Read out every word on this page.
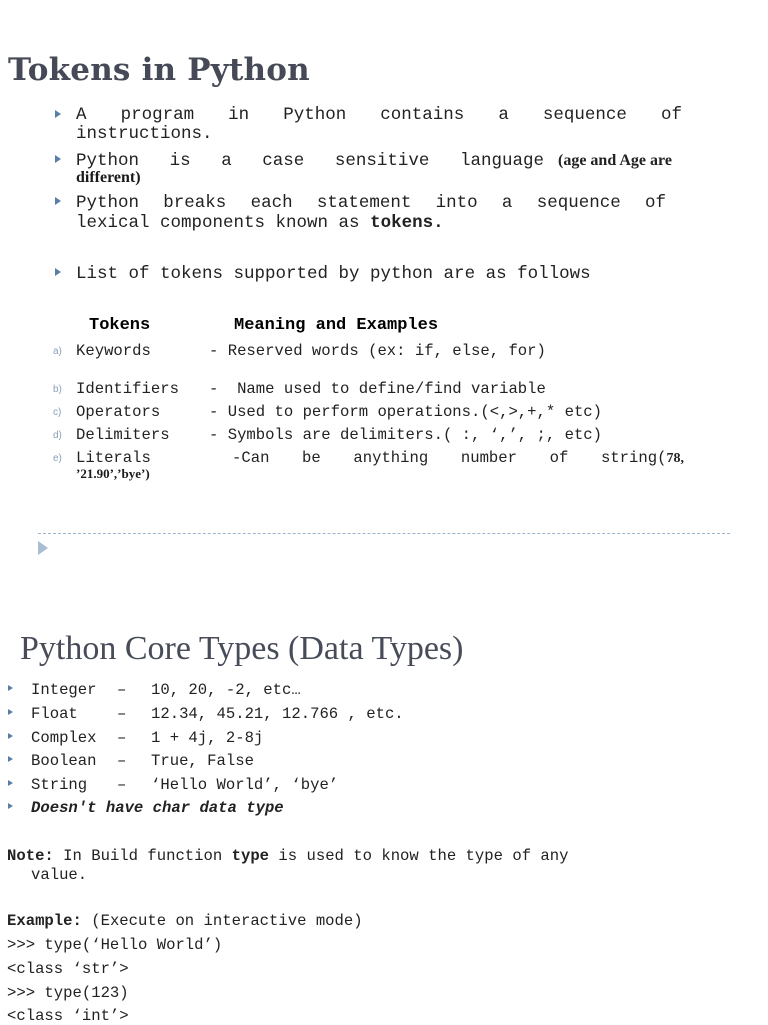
Tokens in Python
A program in Python contains a sequence of
instructions.
Python is a case sensitive language (age and Age are
different)
Python breaks each statement into a sequence of
lexical components known as tokens.
List of tokens supported by python are as follows
Tokens	Meaning and Examples
a) Keywords	- Reserved words (ex: if, else, for)
b) Identifiers -  Name used to define/find variable
c) Operators	- Used to perform operations.(<,>,+,* etc)
d) Delimiters	- Symbols are delimiters.( :, ‘,’, ;, etc)
e) Literals	-Can be anything number of string(78,
’21.90’,’bye’)
Python Core Types (Data Types)
Integer – 10, 20, -2, etc…
Float	– 12.34, 45.21, 12.766 , etc.
Complex – 1 + 4j, 2-8j
Boolean – True, False
String – ‘Hello World’, ‘bye’
Doesn't have char data type
Note: In Build function type is used to know the type of any
value.
Example: (Execute on interactive mode)
>>> type(‘Hello World’)
<class ‘str’>
>>> type(123)
<class ‘int’>
